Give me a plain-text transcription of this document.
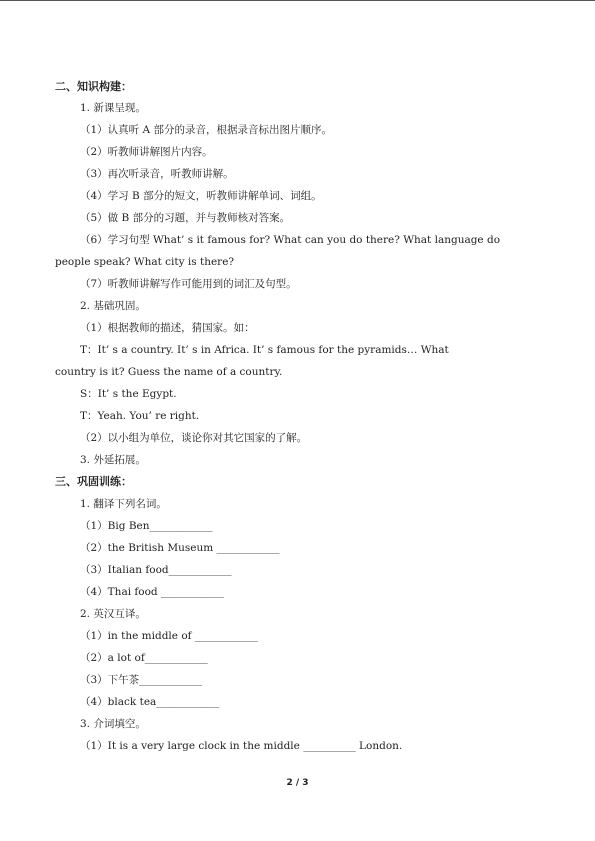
二、知识构建：
1. 新课呈现。
（1）认真听 A 部分的录音，根据录音标出图片顺序。
（2）听教师讲解图片内容。
（3）再次听录音，听教师讲解。
（4）学习 B 部分的短文，听教师讲解单词、词组。
（5）做 B 部分的习题，并与教师核对答案。
（6）学习句型 What’ s it famous for? What can you do there? What language do
people speak? What city is there?
（7）听教师讲解写作可能用到的词汇及句型。
2. 基础巩固。
（1）根据教师的描述，猜国家。如：
T：It’ s a country. It’ s in Africa. It’ s famous for the pyramids… What
country is it? Guess the name of a country.
S：It’ s the Egypt.
T：Yeah. You’ re right.
（2）以小组为单位，谈论你对其它国家的了解。
3. 外延拓展。
三、巩固训练：
1. 翻译下列名词。
（1）Big Ben____________
（2）the British Museum ____________
（3）Italian food____________
（4）Thai food ____________
2. 英汉互译。
（1）in the middle of ____________
（2）a lot of____________
（3）下午茶____________
（4）black tea____________
3. 介词填空。
（1）It is a very large clock in the middle __________ London.
2 / 3
